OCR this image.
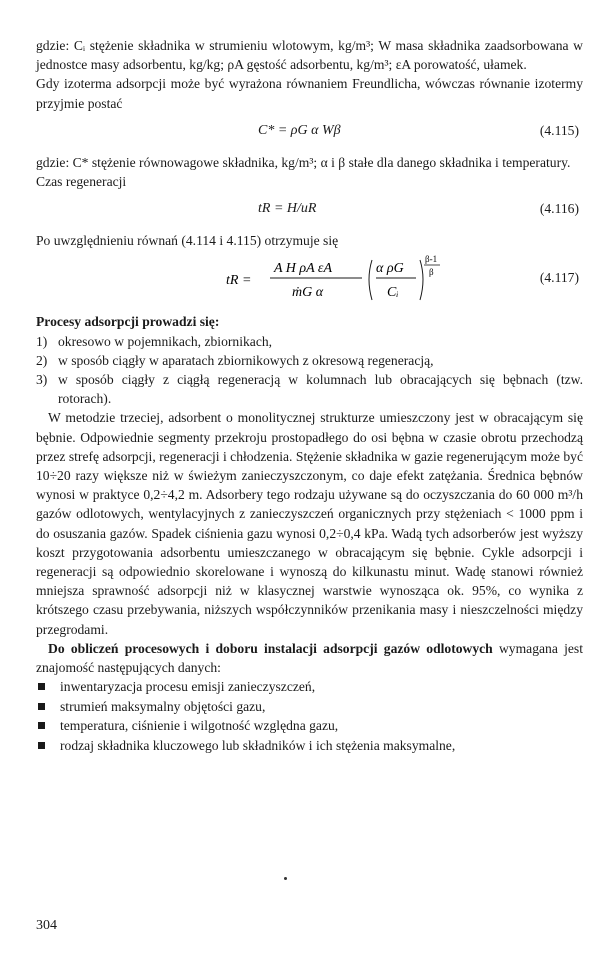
gdzie: Cᵢ stężenie składnika w strumieniu wlotowym, kg/m³; W masa składnika zaadsorbowana w jednostce masy adsorbentu, kg/kg; ρA gęstość adsorbentu, kg/m³; εA porowatość, ułamek.

Gdy izoterma adsorpcji może być wyrażona równaniem Freundlicha, wówczas równanie izotermy przyjmie postać

C* = ρG α Wβ	(4.115)

gdzie: C* stężenie równowagowe składnika, kg/m³; α i β stałe dla danego składnika i temperatury.

Czas regeneracji

tR = H/uR	(4.116)

Po uwzględnieniu równań (4.114 i 4.115) otrzymuje się

tR =
A H ρA εA
ṁG α
α ρG
Cᵢ
β-1
β	(4.117)

Procesy adsorpcji prowadzi się:

1) okresowo w pojemnikach, zbiornikach,
2) w sposób ciągły w aparatach zbiornikowych z okresową regeneracją,
3) w sposób ciągły z ciągłą regeneracją w kolumnach lub obracających się bębnach (tzw. rotorach).

W metodzie trzeciej, adsorbent o monolitycznej strukturze umieszczony jest w obracającym się bębnie. Odpowiednie segmenty przekroju prostopadłego do osi bębna w czasie obrotu przechodzą przez strefę adsorpcji, regeneracji i chłodzenia. Stężenie składnika w gazie regenerującym może być 10÷20 razy większe niż w świeżym zanieczyszczonym, co daje efekt zatężania. Średnica bębnów wynosi w praktyce 0,2÷4,2 m. Adsorbery tego rodzaju używane są do oczyszczania do 60 000 m³/h gazów odlotowych, wentylacyjnych z zanieczyszczeń organicznych przy stężeniach < 1000 ppm i do osuszania gazów. Spadek ciśnienia gazu wynosi 0,2÷0,4 kPa. Wadą tych adsorberów jest wyższy koszt przygotowania adsorbentu umieszczanego w obracającym się bębnie. Cykle adsorpcji i regeneracji są odpowiednio skorelowane i wynoszą do kilkunastu minut. Wadę stanowi również mniejsza sprawność adsorpcji niż w klasycznej warstwie wynosząca ok. 95%, co wynika z krótszego czasu przebywania, niższych współczynników przenikania masy i nieszczelności między przegrodami.

Do obliczeń procesowych i doboru instalacji adsorpcji gazów odlotowych wymagana jest znajomość następujących danych:

inwentaryzacja procesu emisji zanieczyszczeń,
strumień maksymalny objętości gazu,
temperatura, ciśnienie i wilgotność względna gazu,
rodzaj składnika kluczowego lub składników i ich stężenia maksymalne,
304
